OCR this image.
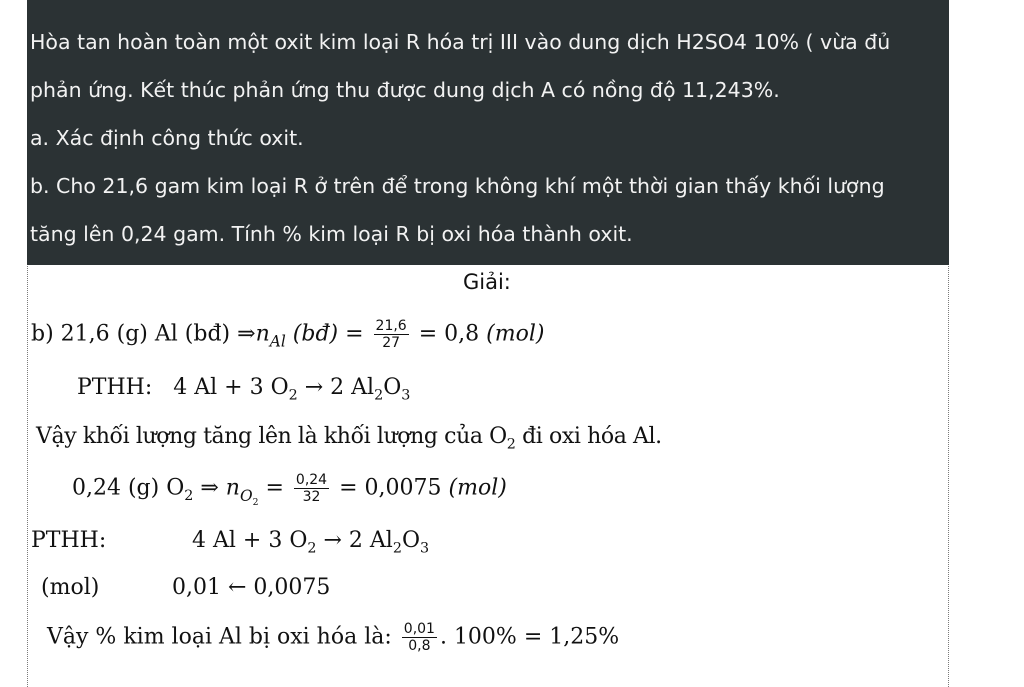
Hòa tan hoàn toàn một oxit kim loại R hóa trị III vào dung dịch H2SO4 10% ( vừa đủ
phản ứng. Kết thúc phản ứng thu được dung dịch A có nồng độ 11,243%.
a. Xác định công thức oxit.
b. Cho 21,6 gam kim loại R ở trên để trong không khí một thời gian thấy khối lượng
tăng lên 0,24 gam. Tính % kim loại R bị oxi hóa thành oxit.
Giải:
b) 21,6 (g) Al (bđ) $\Rightarrow n_{Al}$ (bđ) = $\frac{21,6}{27} = 0,8$ (mol)
PTHH: 4 Al + 3 $O_2 \to 2$ $Al_2O_3$
Vậy khối lượng tăng lên là khối lượng của $O_2$ đi oxi hóa Al.
0,24 (g) $O_2$ ⇒ $n_{O_2} = \frac{0,24}{32} = 0,0075$ (mol)
PTHH:	4 Al + 3 $O_2 \to 2$ $Al_2O_3$
(mol)	0,01 ← 0,0075
Vậy % kim loại Al bị oxi hóa là: $\frac{0,01}{0,8}$ . 100% = 1,25%
